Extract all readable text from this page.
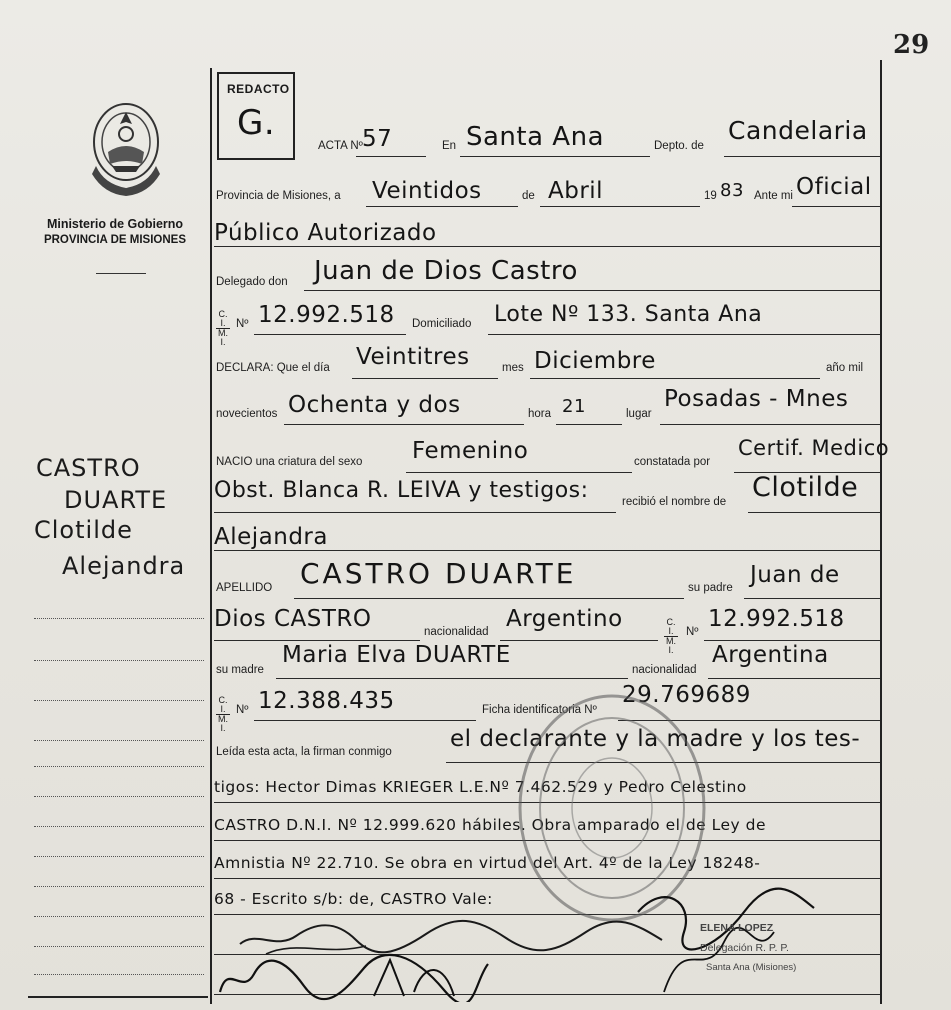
29
Ministerio de Gobierno
PROVINCIA DE MISIONES
CASTRO
DUARTE
Clotilde
Alejandra
REDACTO
G.
ACTA Nº 57	En Santa Ana	Depto. de
Candelaria
Provincia de Misiones, a Veintidos	de Abril	19 83 Ante mi Oficial
Público Autorizado
Delegado don Juan de Dios Castro
$\frac{C. I.}{M. I.}$ Nº 12.992.518 Domiciliado Lote Nº 133. Santa Ana
DECLARA: Que el día Veintitres	mes Diciembre	año mil
novecientos Ochenta y dos	hora 21	lugar
Posadas - Mnes
NACIO una criatura del sexo Femenino	constatada por
Certif. Medico
Obst. Blanca R. LEIVA y testigos:	recibió el nombre de Clotilde
Alejandra
APELLIDO CASTRO DUARTE	su padre Juan de
Dios CASTRO	nacionalidad Argentino	$\frac{C. I.}{M. I.}$ Nº 12.992.518
su madre
Maria Elva DUARTE
nacionalidad
Argentina
$\frac{C. I.}{M. I.}$ Nº 12.388.435	Ficha identificatoria Nº
29.769689
Leída esta acta, la firman conmigo	el declarante y la madre y los tes-
tigos: Hector Dimas KRIEGER L.E.Nº 7.462.529 y Pedro Celestino
CASTRO D.N.I. Nº 12.999.620 hábiles. Obra amparado el de Ley de
Amnistia Nº 22.710. Se obra en virtud del Art. 4º de la Ley 18248-
68 - Escrito s/b: de, CASTRO Vale:
ELENA LOPEZ
Delegación R. P. P.
Santa Ana (Misiones)
